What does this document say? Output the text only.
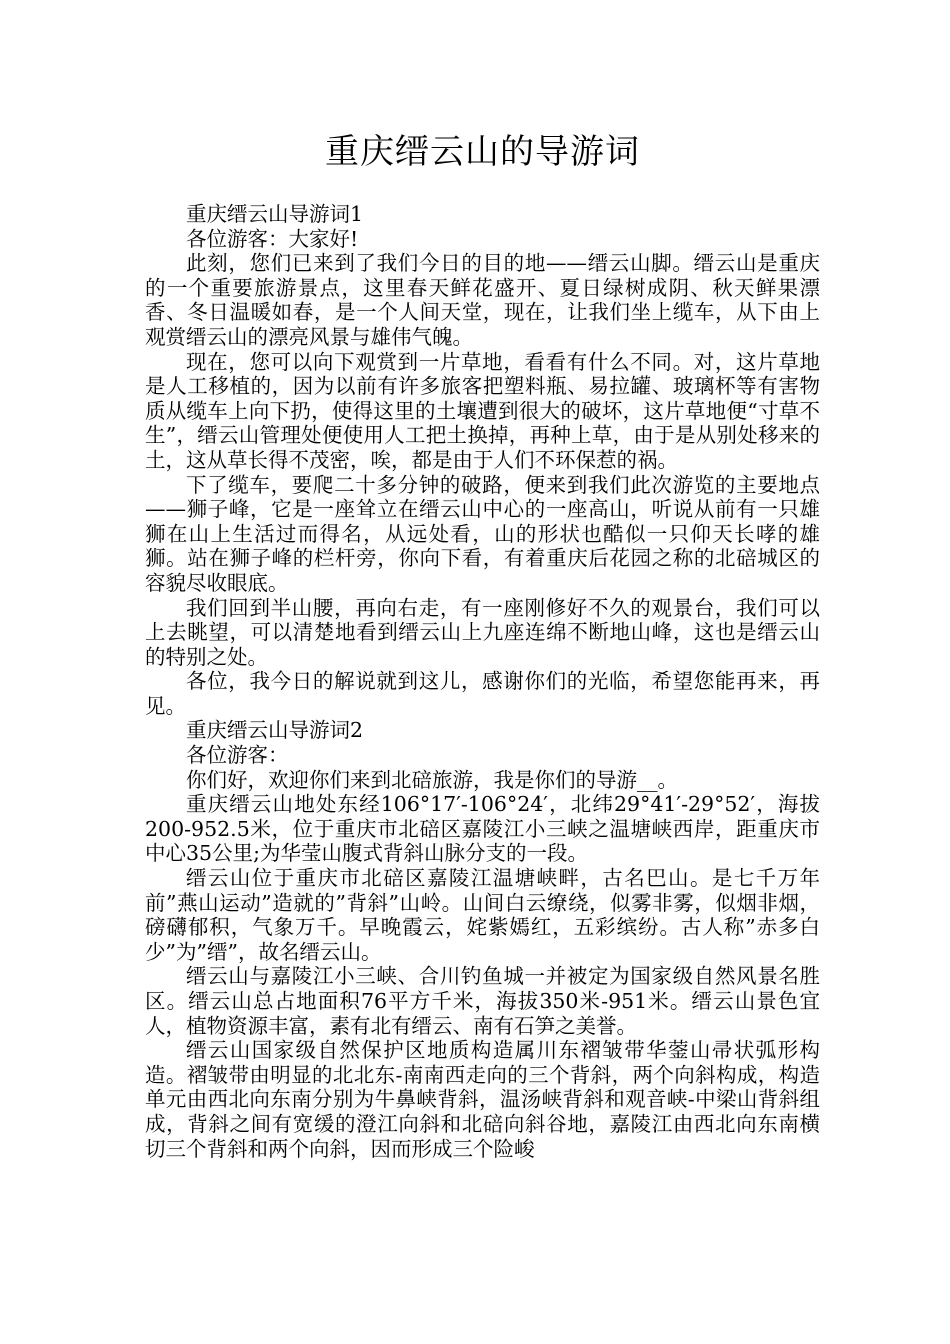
重庆缙云山的导游词

重庆缙云山导游词1

各位游客：大家好!

此刻，您们已来到了我们今日的目的地——缙云山脚。缙云山是重庆的一个重要旅游景点，这里春天鲜花盛开、夏日绿树成阴、秋天鲜果漂香、冬日温暖如春，是一个人间天堂，现在，让我们坐上缆车，从下由上观赏缙云山的漂亮风景与雄伟气魄。

现在，您可以向下观赏到一片草地，看看有什么不同。对，这片草地是人工移植的，因为以前有许多旅客把塑料瓶、易拉罐、玻璃杯等有害物质从缆车上向下扔，使得这里的土壤遭到很大的破坏，这片草地便“寸草不生”，缙云山管理处便使用人工把土换掉，再种上草，由于是从别处移来的土，这从草长得不茂密，唉，都是由于人们不环保惹的祸。

下了缆车，要爬二十多分钟的破路，便来到我们此次游览的主要地点——狮子峰，它是一座耸立在缙云山中心的一座高山，听说从前有一只雄狮在山上生活过而得名，从远处看，山的形状也酷似一只仰天长哮的雄狮。站在狮子峰的栏杆旁，你向下看，有着重庆后花园之称的北碚城区的容貌尽收眼底。

我们回到半山腰，再向右走，有一座刚修好不久的观景台，我们可以上去眺望，可以清楚地看到缙云山上九座连绵不断地山峰，这也是缙云山的特别之处。

各位，我今日的解说就到这儿，感谢你们的光临，希望您能再来，再见。

重庆缙云山导游词2

各位游客：

你们好，欢迎你们来到北碚旅游，我是你们的导游__。

重庆缙云山地处东经106°17′-106°24′，北纬29°41′-29°52′，海拔200-952.5米，位于重庆市北碚区嘉陵江小三峡之温塘峡西岸，距重庆市中心35公里;为华莹山腹式背斜山脉分支的一段。

缙云山位于重庆市北碚区嘉陵江温塘峡畔，古名巴山。是七千万年前”燕山运动”造就的”背斜”山岭。山间白云缭绕，似雾非雾，似烟非烟，磅礴郁积，气象万千。早晚霞云，姹紫嫣红，五彩缤纷。古人称”赤多白少”为”缙”，故名缙云山。

缙云山与嘉陵江小三峡、合川钓鱼城一并被定为国家级自然风景名胜区。缙云山总占地面积76平方千米，海拔350米-951米。缙云山景色宜人，植物资源丰富，素有北有缙云、南有石笋之美誉。

缙云山国家级自然保护区地质构造属川东褶皱带华蓥山帚状弧形构造。褶皱带由明显的北北东-南南西走向的三个背斜，两个向斜构成，构造单元由西北向东南分别为牛鼻峡背斜，温汤峡背斜和观音峡-中梁山背斜组成，背斜之间有宽缓的澄江向斜和北碚向斜谷地，嘉陵江由西北向东南横切三个背斜和两个向斜，因而形成三个险峻
